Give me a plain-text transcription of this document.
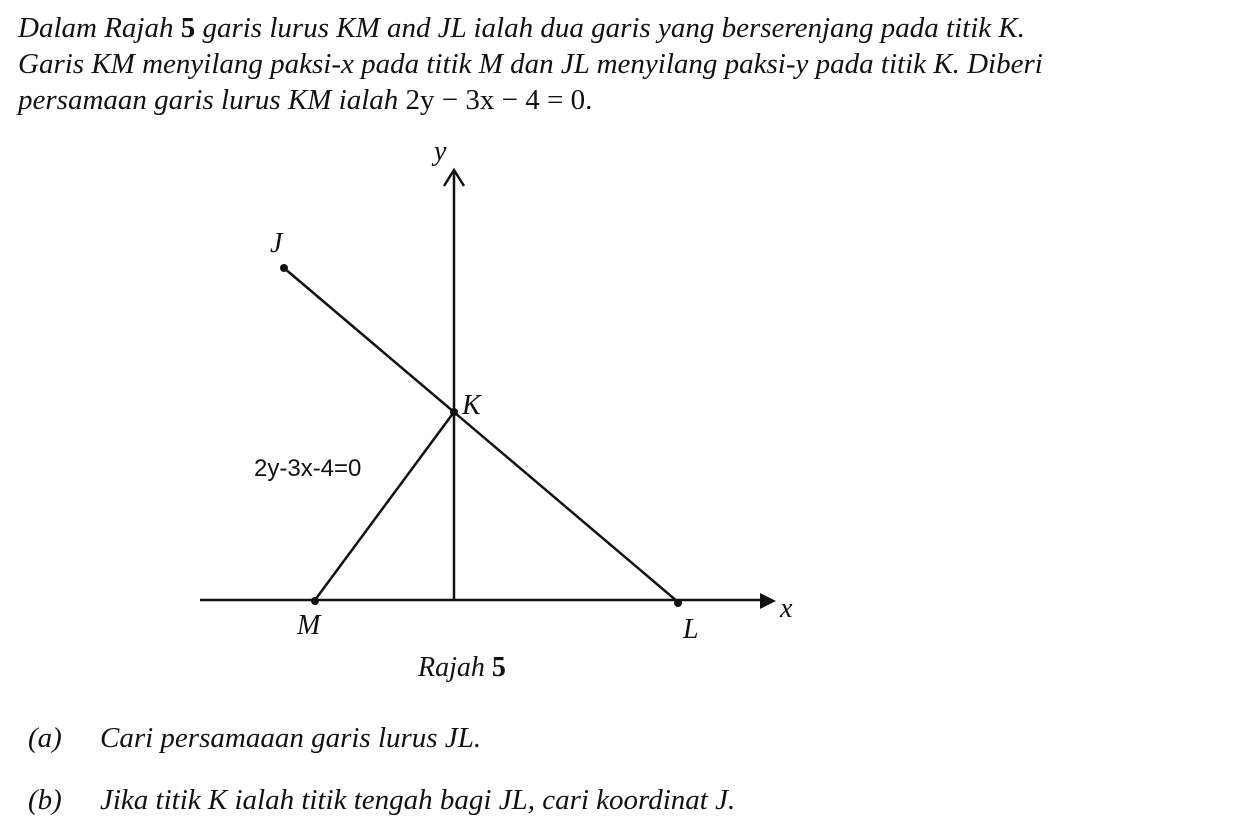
Dalam Rajah 5 garis lurus KM and JL ialah dua garis yang berserenjang pada titik K.

Garis KM menyilang paksi-x pada titik M dan JL menyilang paksi-y pada titik K. Diberi

persamaan garis lurus KM ialah 2y − 3x − 4 = 0.

y
x
J
K
M	L
2y-3x-4=0
Rajah 5
(a) Cari persamaaan garis lurus JL.
(b) Jika titik K ialah titik tengah bagi JL, cari koordinat J.
